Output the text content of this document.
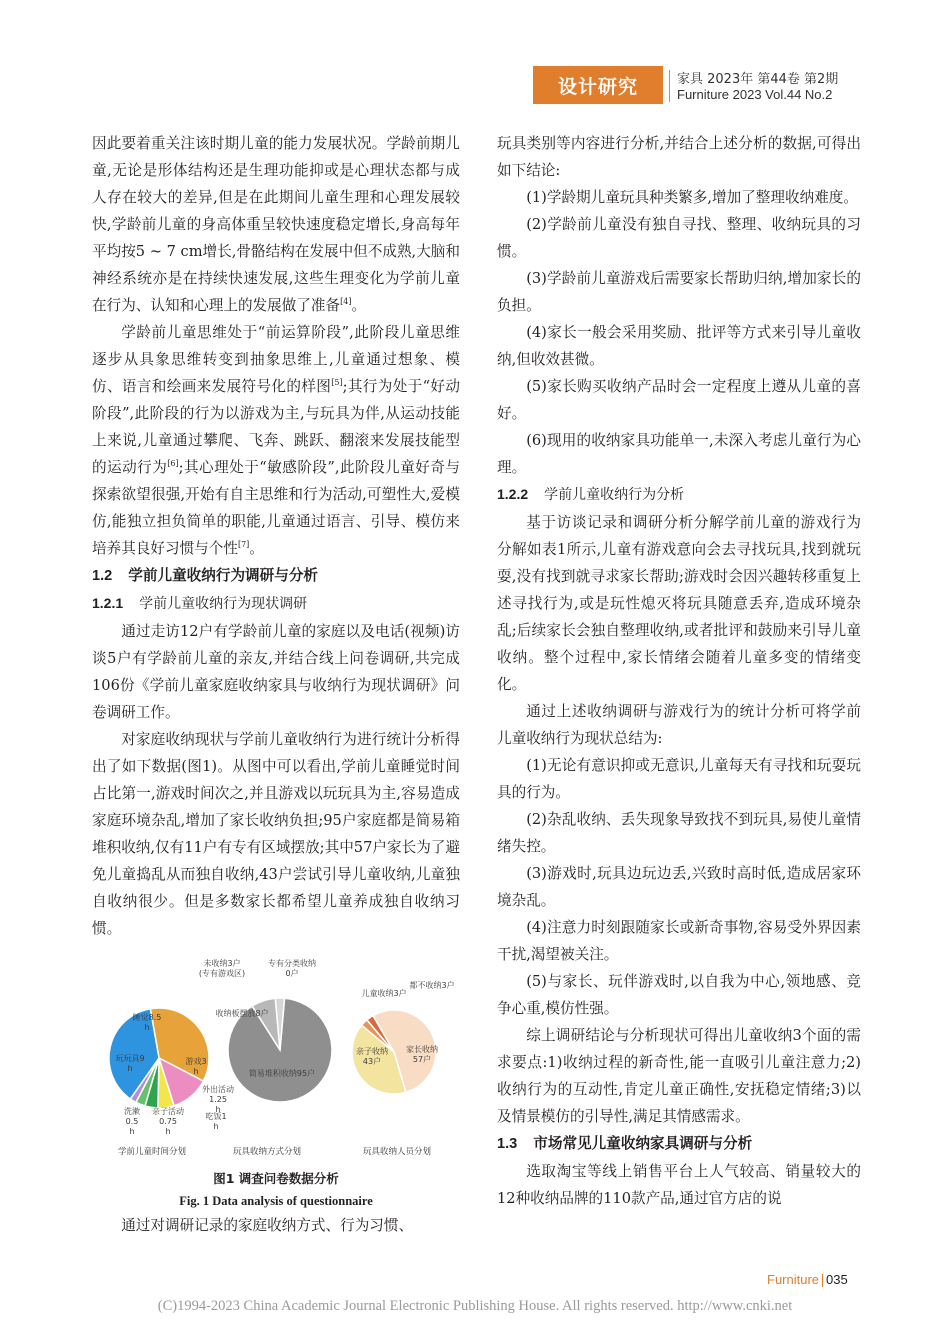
设计研究	家具 2023年 第44卷 第2期
Furniture 2023 Vol.44 No.2

因此要着重关注该时期儿童的能力发展状况。学龄前期儿童,无论是形体结构还是生理功能抑或是心理状态都与成人存在较大的差异,但是在此期间儿童生理和心理发展较快,学龄前儿童的身高体重呈较快速度稳定增长,身高每年平均按5 ~ 7 cm增长,骨骼结构在发展中但不成熟,大脑和神经系统亦是在持续快速发展,这些生理变化为学前儿童在行为、认知和心理上的发展做了准备[4]。

学龄前儿童思维处于“前运算阶段”,此阶段儿童思维逐步从具象思维转变到抽象思维上,儿童通过想象、模仿、语言和绘画来发展符号化的样图[5];其行为处于“好动阶段”,此阶段的行为以游戏为主,与玩具为伴,从运动技能上来说,儿童通过攀爬、飞奔、跳跃、翻滚来发展技能型的运动行为[6];其心理处于“敏感阶段”,此阶段儿童好奇与探索欲望很强,开始有自主思维和行为活动,可塑性大,爱模仿,能独立担负简单的职能,儿童通过语言、引导、模仿来培养其良好习惯与个性[7]。

1.2 学前儿童收纳行为调研与分析
1.2.1 学前儿童收纳行为现状调研

通过走访12户有学龄前儿童的家庭以及电话(视频)访谈5户有学龄前儿童的亲友,并结合线上问卷调研,共完成106份《学前儿童家庭收纳家具与收纳行为现状调研》问卷调研工作。

对家庭收纳现状与学前儿童收纳行为进行统计分析得出了如下数据(图1)。从图中可以看出,学前儿童睡觉时间占比第一,游戏时间次之,并且游戏以玩玩具为主,容易造成家庭环境杂乱,增加了家长收纳负担;95户家庭都是简易箱堆积收纳,仅有11户有专有区域摆放;其中57户家长为了避免儿童捣乱从而独自收纳,43户尝试引导儿童收纳,儿童独自收纳很少。但是多数家长都希望儿童养成独自收纳习惯。

睡觉8.5 h
游戏3 h
外出活动 1.25 h
吃饭1 h
亲子活动 0.75 h
洗漱 0.5 h
玩玩具9 h
学前儿童时间分划
简易堆积收纳95户
收纳板摆放8户
未收纳3户(专有游戏区)
专有分类收纳 0户
玩具收纳方式分划
家长收纳 57户
亲子收纳 43户
儿童收纳3户
都不收纳3户
玩具收纳人员分划
图1 调查问卷数据分析
Fig. 1 Data analysis of questionnaire

通过对调研记录的家庭收纳方式、行为习惯、

玩具类别等内容进行分析,并结合上述分析的数据,可得出如下结论:

(1)学龄期儿童玩具种类繁多,增加了整理收纳难度。

(2)学龄前儿童没有独自寻找、整理、收纳玩具的习惯。

(3)学龄前儿童游戏后需要家长帮助归纳,增加家长的负担。

(4)家长一般会采用奖励、批评等方式来引导儿童收纳,但收效甚微。

(5)家长购买收纳产品时会一定程度上遵从儿童的喜好。

(6)现用的收纳家具功能单一,未深入考虑儿童行为心理。

1.2.2 学前儿童收纳行为分析

基于访谈记录和调研分析分解学前儿童的游戏行为分解如表1所示,儿童有游戏意向会去寻找玩具,找到就玩耍,没有找到就寻求家长帮助;游戏时会因兴趣转移重复上述寻找行为,或是玩性熄灭将玩具随意丢弃,造成环境杂乱;后续家长会独自整理收纳,或者批评和鼓励来引导儿童收纳。整个过程中,家长情绪会随着儿童多变的情绪变化。

通过上述收纳调研与游戏行为的统计分析可将学前儿童收纳行为现状总结为:

(1)无论有意识抑或无意识,儿童每天有寻找和玩耍玩具的行为。

(2)杂乱收纳、丢失现象导致找不到玩具,易使儿童情绪失控。

(3)游戏时,玩具边玩边丢,兴致时高时低,造成居家环境杂乱。

(4)注意力时刻跟随家长或新奇事物,容易受外界因素干扰,渴望被关注。

(5)与家长、玩伴游戏时,以自我为中心,领地感、竞争心重,模仿性强。

综上调研结论与分析现状可得出儿童收纳3个面的需求要点:1)收纳过程的新奇性,能一直吸引儿童注意力;2)收纳行为的互动性,肯定儿童正确性,安抚稳定情绪;3)以及情景模仿的引导性,满足其情感需求。

1.3 市场常见儿童收纳家具调研与分析

选取淘宝等线上销售平台上人气较高、销量较大的12种收纳品牌的110款产品,通过官方店的说

Furniture 035
(C)1994-2023 China Academic Journal Electronic Publishing House. All rights reserved. http://www.cnki.net
